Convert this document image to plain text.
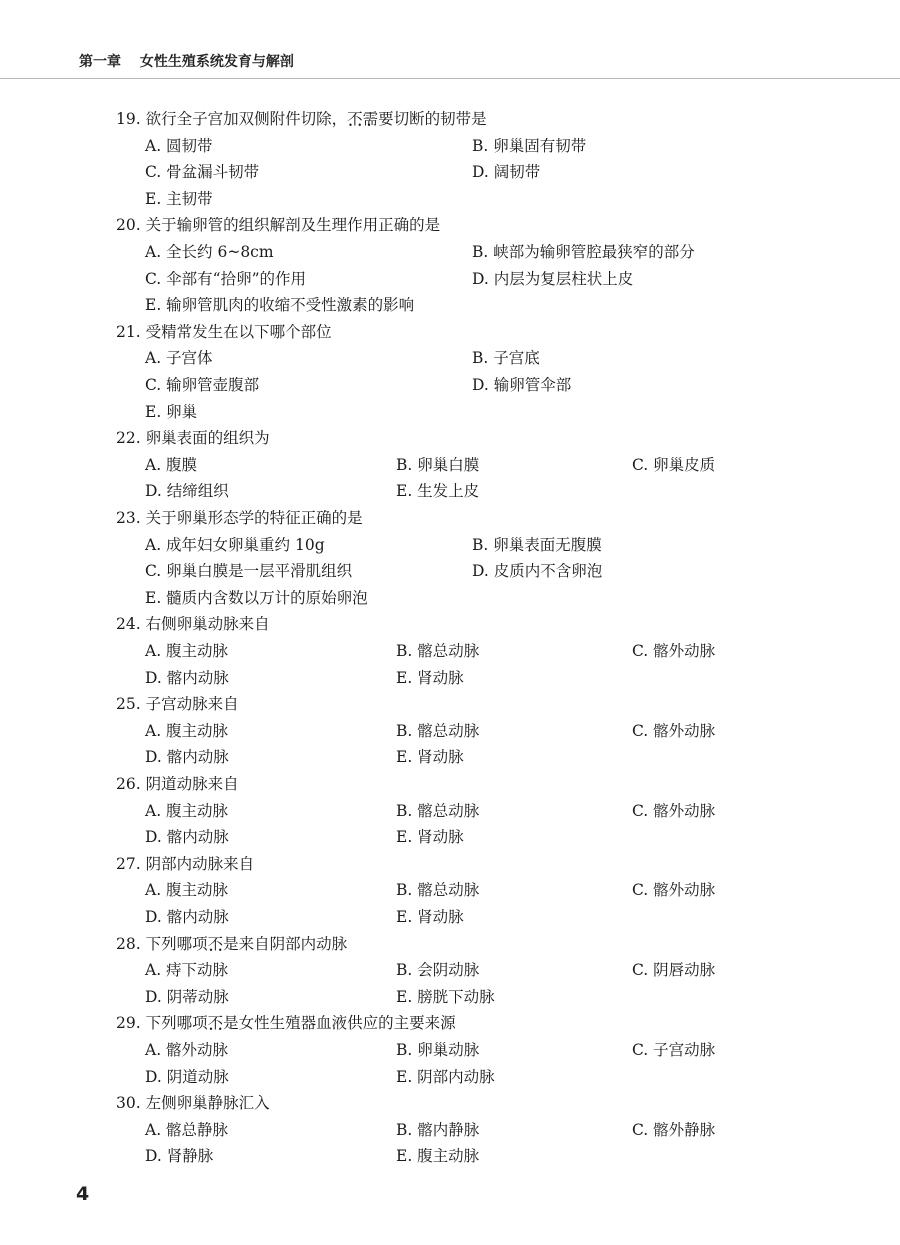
第一章 女性生殖系统发育与解剖
19. 欲行全子宫加双侧附件切除，不需要 • • •切断的韧带是
A. 圆韧带	B. 卵巢固有韧带
C. 骨盆漏斗韧带	D. 阔韧带
E. 主韧带
20. 关于输卵管的组织解剖及生理作用正确的是
A. 全长约 6~8cm	B. 峡部为输卵管腔最狭窄的部分
C. 伞部有“拾卵”的作用	D. 内层为复层柱状上皮
E. 输卵管肌肉的收缩不受性激素的影响
21. 受精常发生在以下哪个部位
A. 子宫体	B. 子宫底
C. 输卵管壶腹部	D. 输卵管伞部
E. 卵巢
22. 卵巢表面的组织为
A. 腹膜	B. 卵巢白膜	C. 卵巢皮质
D. 结缔组织	E. 生发上皮
23. 关于卵巢形态学的特征正确的是
A. 成年妇女卵巢重约 10g	B. 卵巢表面无腹膜
C. 卵巢白膜是一层平滑肌组织	D. 皮质内不含卵泡
E. 髓质内含数以万计的原始卵泡
24. 右侧卵巢动脉来自
A. 腹主动脉	B. 髂总动脉	C. 髂外动脉
D. 髂内动脉	E. 肾动脉
25. 子宫动脉来自
A. 腹主动脉	B. 髂总动脉	C. 髂外动脉
D. 髂内动脉	E. 肾动脉
26. 阴道动脉来自
A. 腹主动脉	B. 髂总动脉	C. 髂外动脉
D. 髂内动脉	E. 肾动脉
27. 阴部内动脉来自
A. 腹主动脉	B. 髂总动脉	C. 髂外动脉
D. 髂内动脉	E. 肾动脉
28. 下列哪项不是 • •来自阴部内动脉
A. 痔下动脉	B. 会阴动脉	C. 阴唇动脉
D. 阴蒂动脉	E. 膀胱下动脉
29. 下列哪项不是 • •女性生殖器血液供应的主要来源
A. 髂外动脉	B. 卵巢动脉	C. 子宫动脉
D. 阴道动脉	E. 阴部内动脉
30. 左侧卵巢静脉汇入
A. 髂总静脉	B. 髂内静脉	C. 髂外静脉
D. 肾静脉	E. 腹主动脉
4
